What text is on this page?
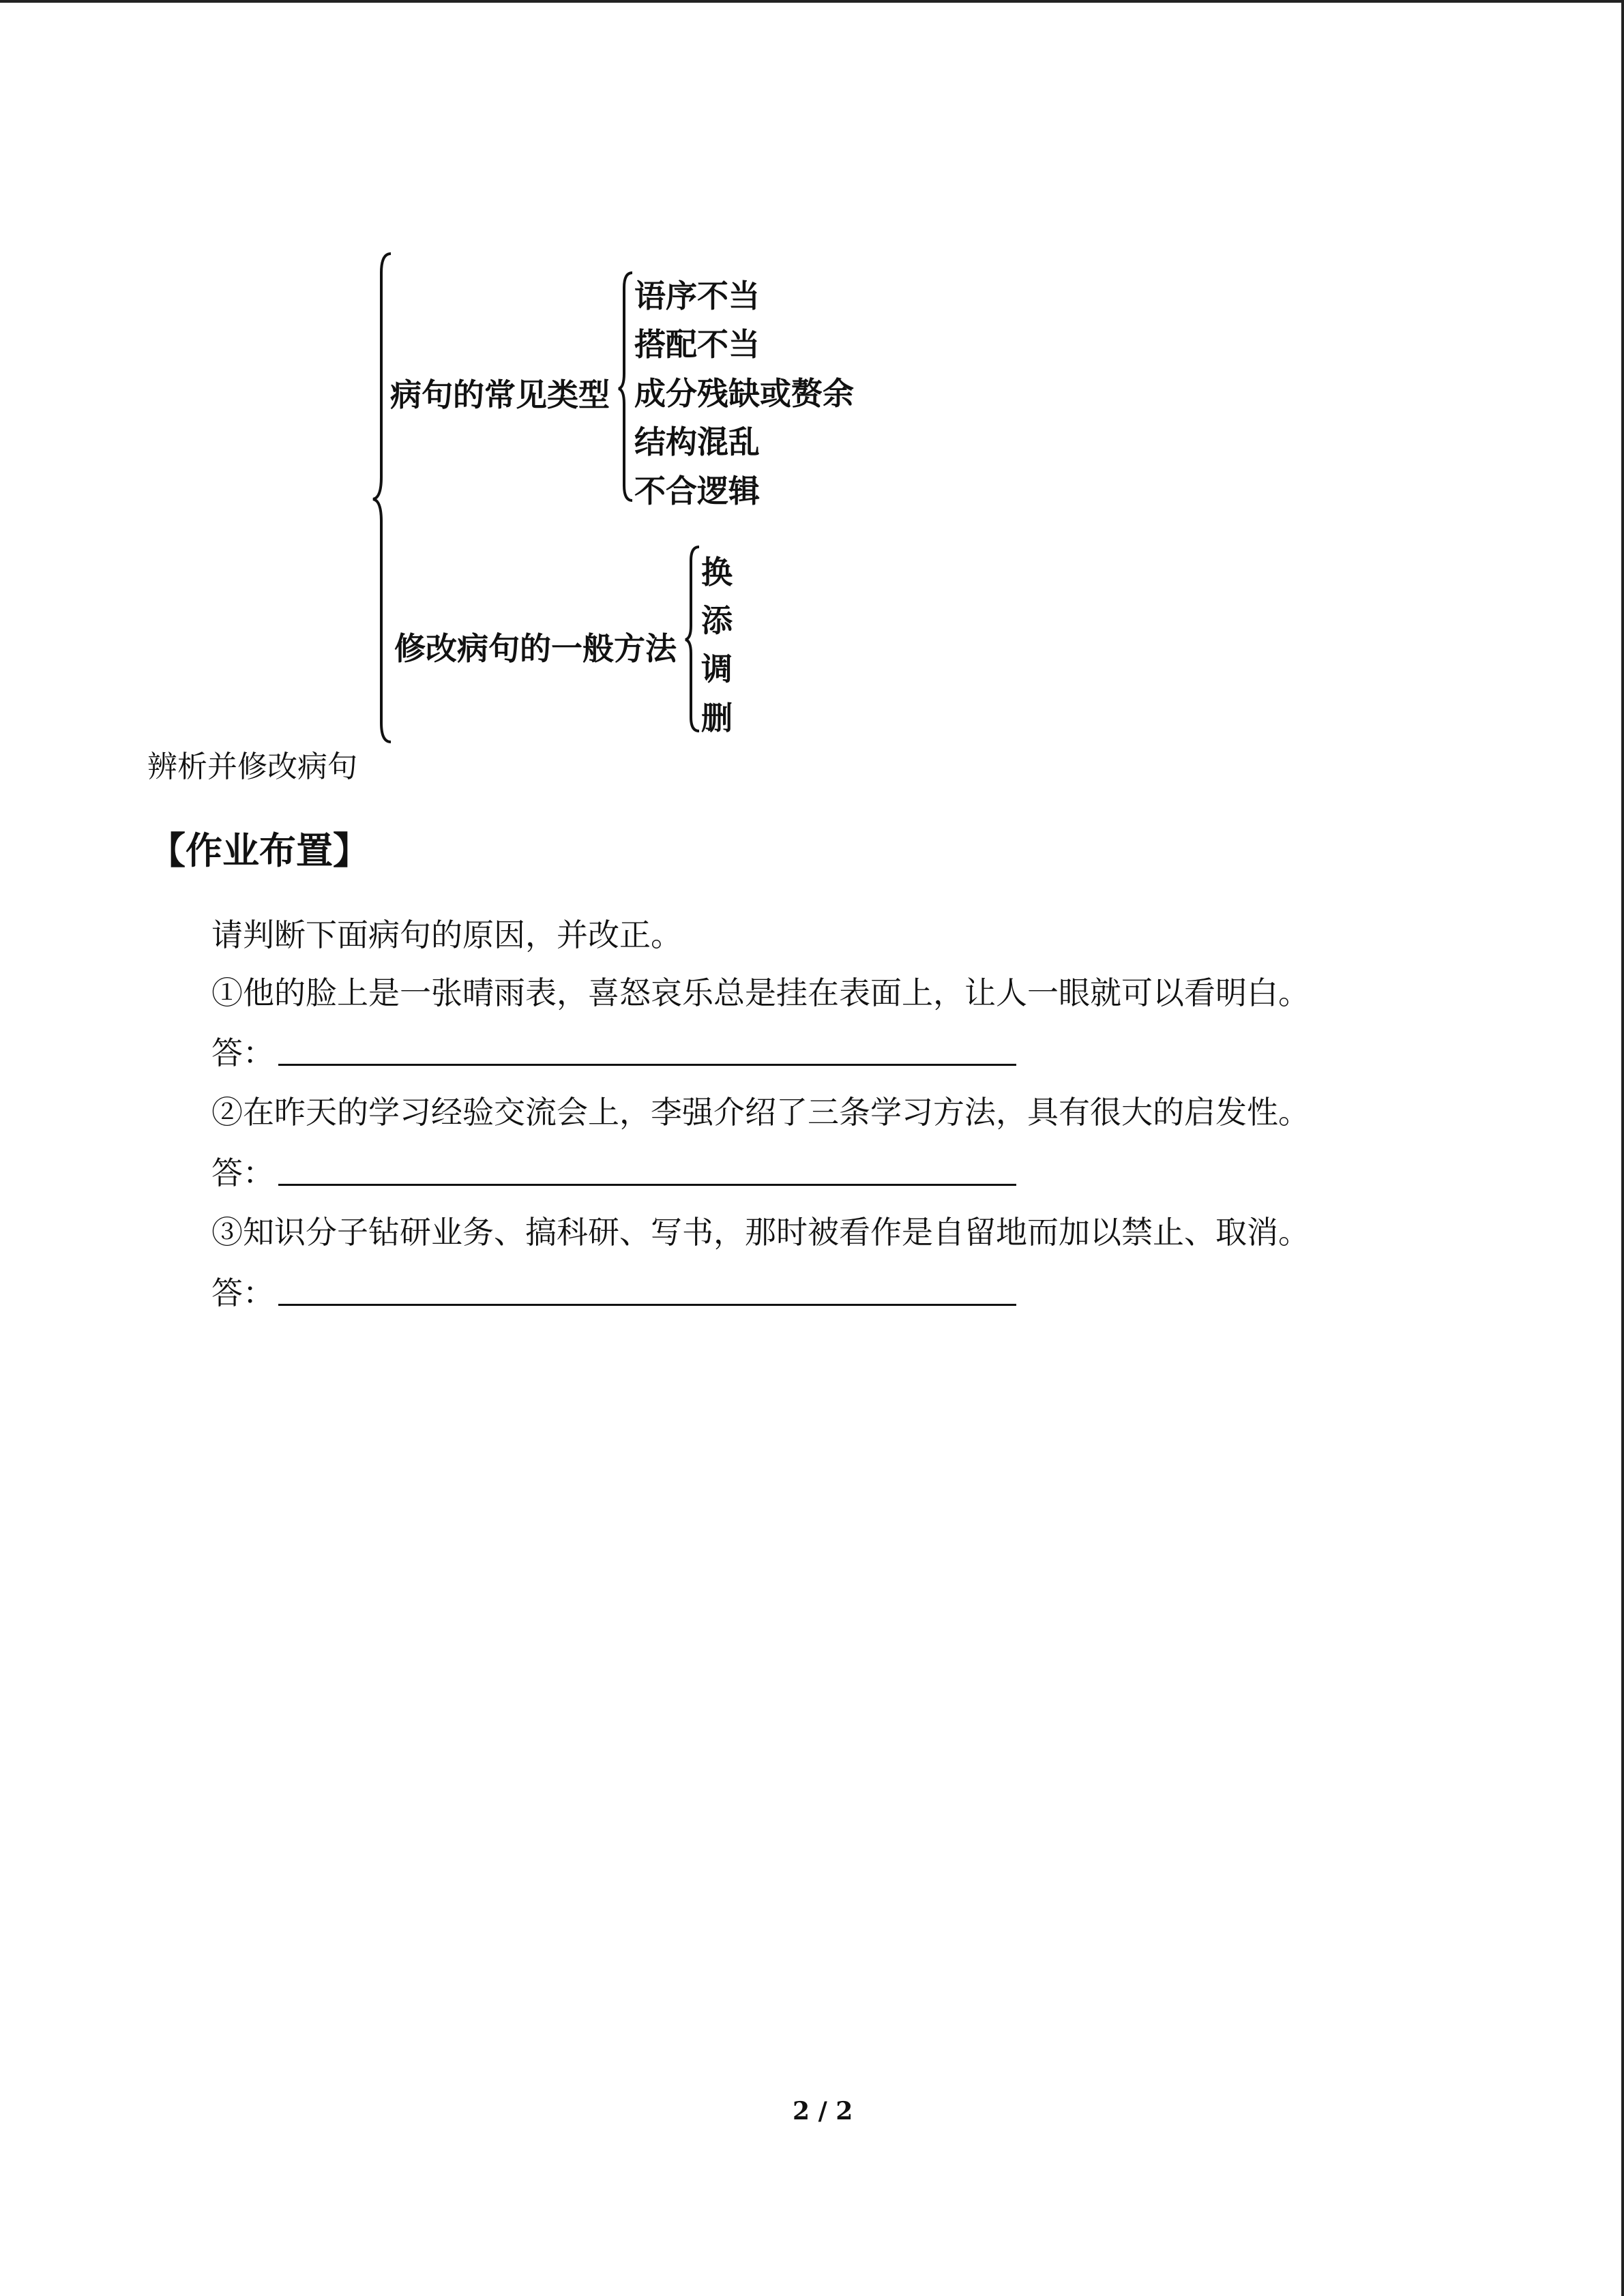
病句的常见类型
语序不当
搭配不当
成分残缺或赘余
结构混乱
不合逻辑
修改病句的一般方法
换
添
调
删
辨析并修改病句
【作业布置】
请判断下面病句的原因，并改正。
①他的脸上是一张晴雨表，喜怒哀乐总是挂在表面上，让人一眼就可以看明白。
答：
②在昨天的学习经验交流会上，李强介绍了三条学习方法，具有很大的启发性。
答：
③知识分子钻研业务、搞科研、写书，那时被看作是自留地而加以禁止、取消。
答：
2 / 2
